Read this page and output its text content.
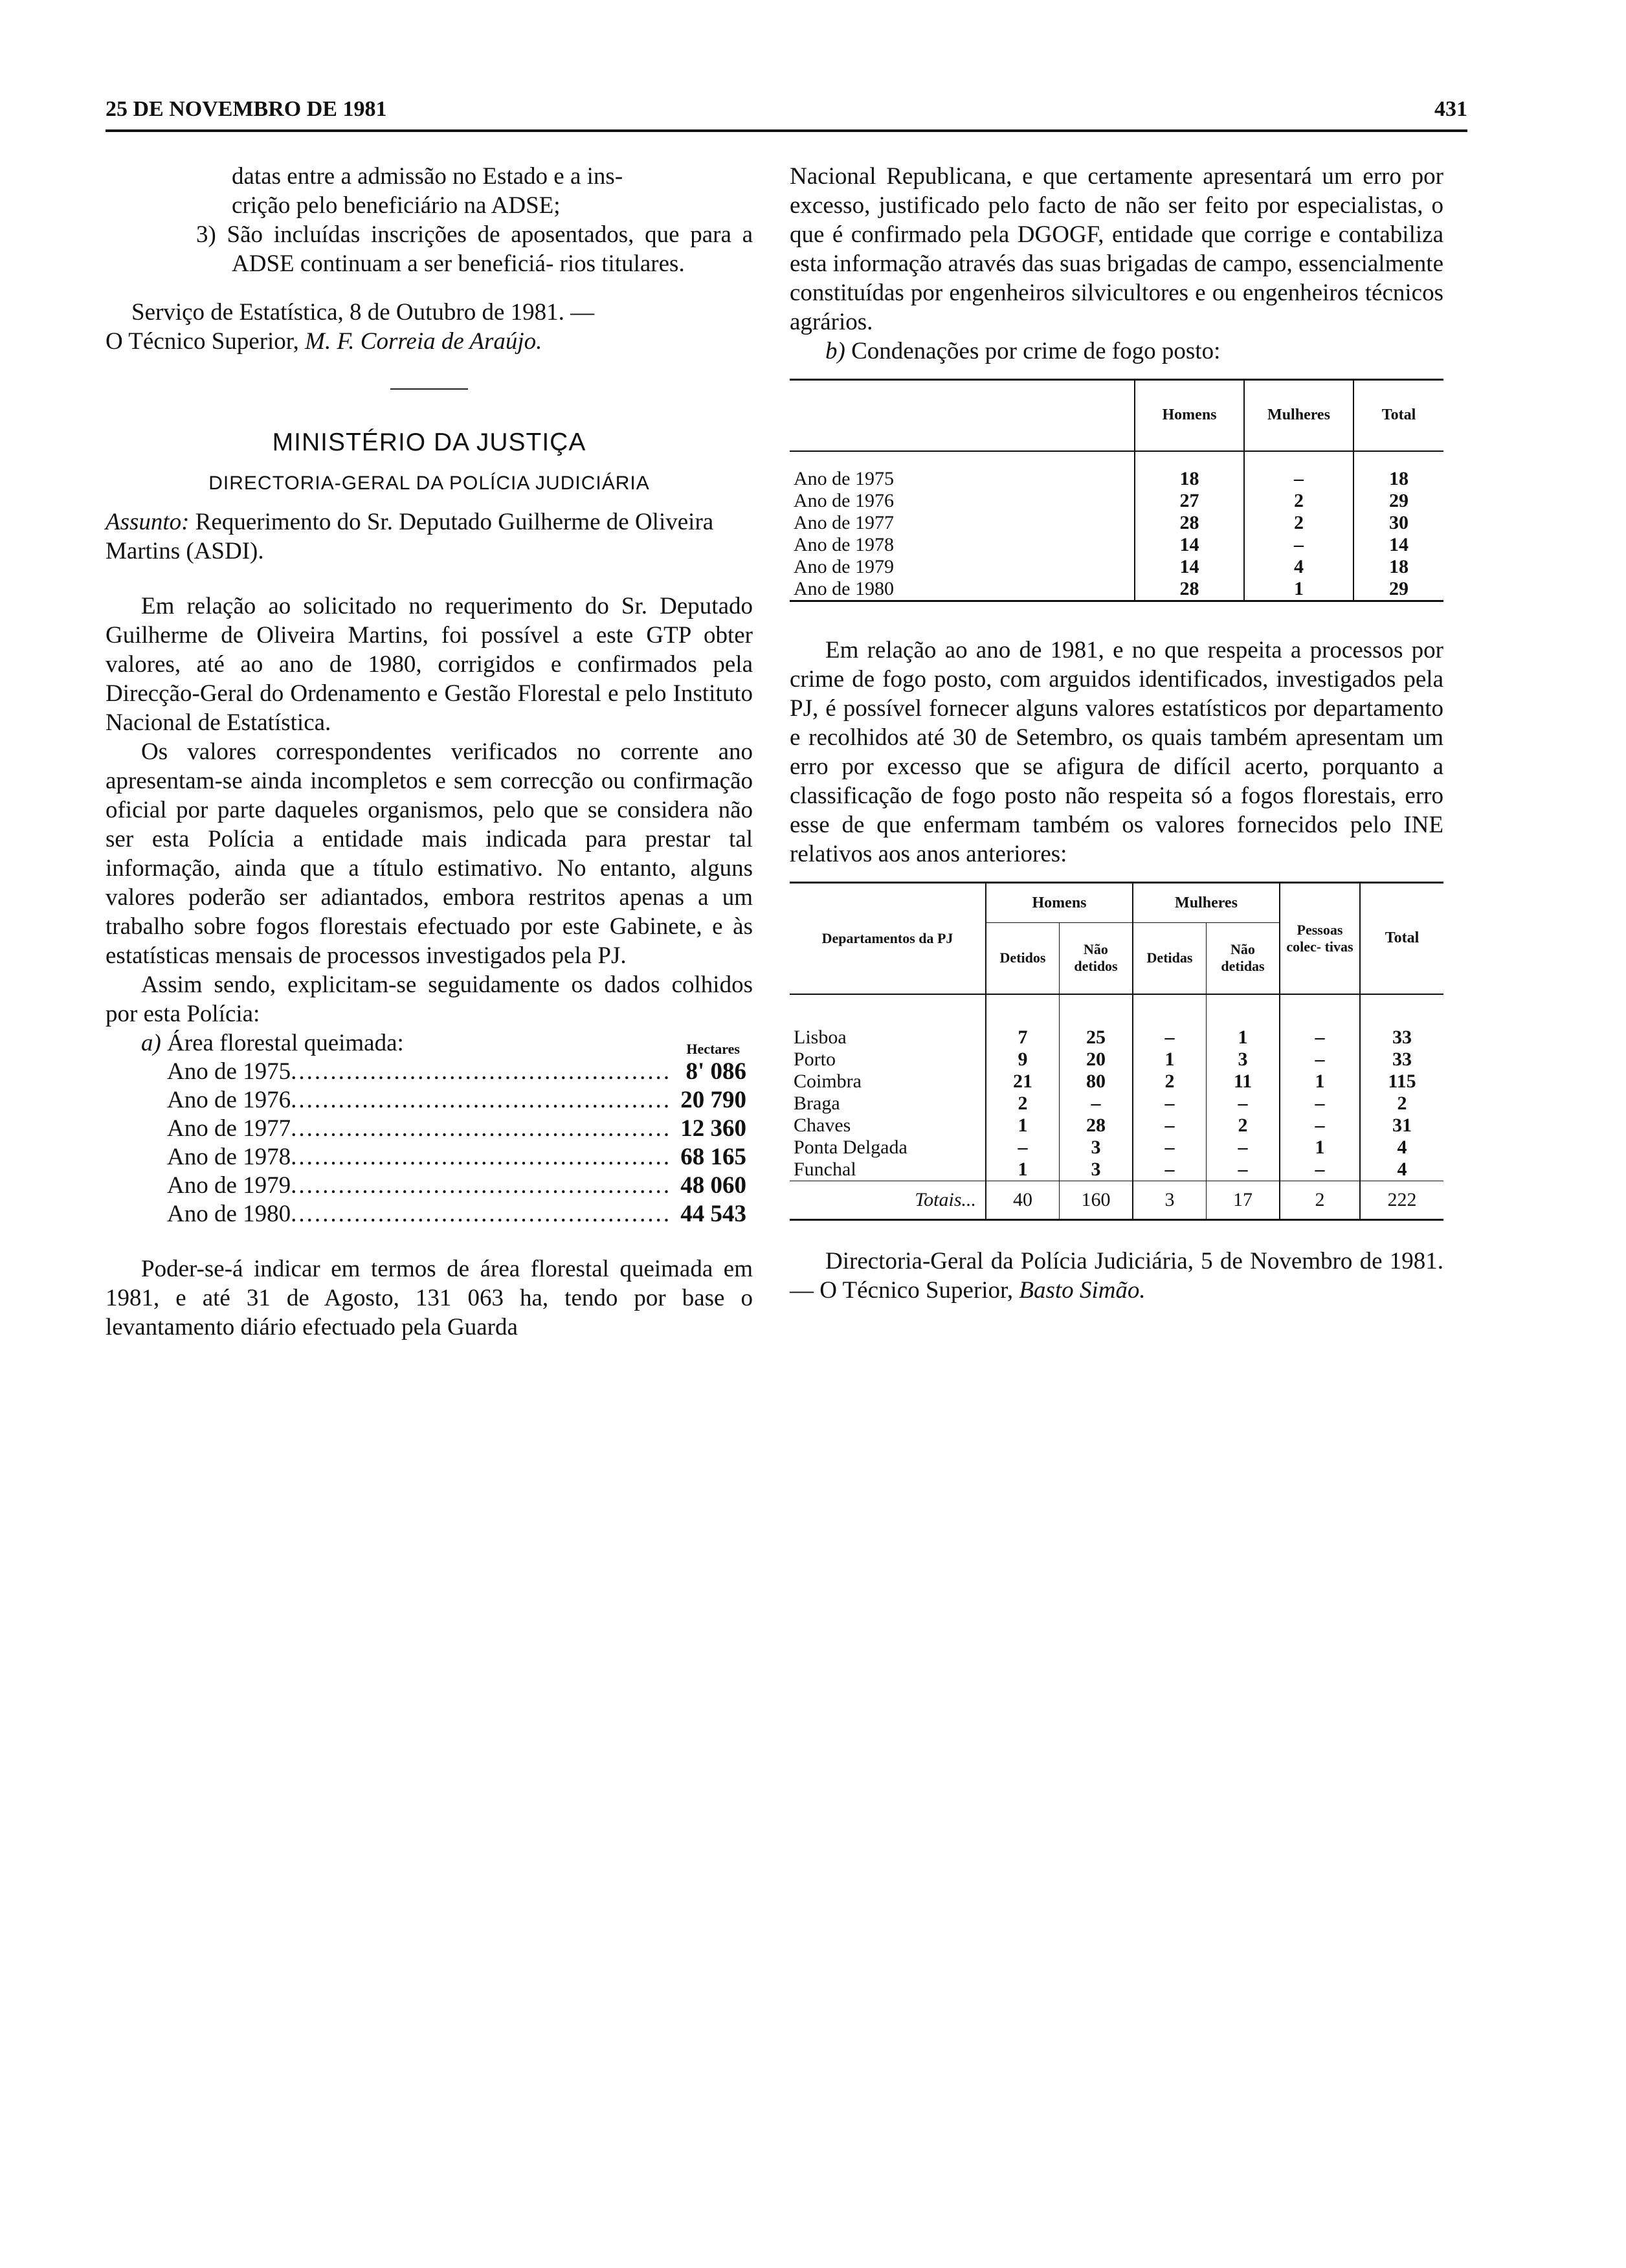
25 DE NOVEMBRO DE 1981	431

datas entre a admissão no Estado e a ins-

crição pelo beneficiário na ADSE;

3) São incluídas inscrições de aposentados, que para a ADSE continuam a ser beneficiá- rios titulares.

Serviço de Estatística, 8 de Outubro de 1981. —

O Técnico Superior, M. F. Correia de Araújo.

MINISTÉRIO DA JUSTIÇA
DIRECTORIA-GERAL DA POLÍCIA JUDICIÁRIA

Assunto: Requerimento do Sr. Deputado Guilherme de Oliveira Martins (ASDI).

Em relação ao solicitado no requerimento do Sr. Deputado Guilherme de Oliveira Martins, foi possível a este GTP obter valores, até ao ano de 1980, corrigidos e confirmados pela Direcção-Geral do Ordenamento e Gestão Florestal e pelo Instituto Nacional de Estatística.

Os valores correspondentes verificados no corrente ano apresentam-se ainda incompletos e sem correcção ou confirmação oficial por parte daqueles organismos, pelo que se considera não ser esta Polícia a entidade mais indicada para prestar tal informação, ainda que a título estimativo. No entanto, alguns valores poderão ser adiantados, embora restritos apenas a um trabalho sobre fogos florestais efectuado por este Gabinete, e às estatísticas mensais de processos investigados pela PJ.

Assim sendo, explicitam-se seguidamente os dados colhidos por esta Polícia:

a) Área florestal queimada:	Hectares
Ano de 1975 .....	8' 086
Ano de 1976 .....	20 790
Ano de 1977 .....	12 360
Ano de 1978 .....	68 165
Ano de 1979 .....	48 060
Ano de 1980 .....	44 543

Poder-se-á indicar em termos de área florestal queimada em 1981, e até 31 de Agosto, 131 063 ha, tendo por base o levantamento diário efectuado pela Guarda

Nacional Republicana, e que certamente apresentará um erro por excesso, justificado pelo facto de não ser feito por especialistas, o que é confirmado pela DGOGF, entidade que corrige e contabiliza esta informação através das suas brigadas de campo, essencialmente constituídas por engenheiros silvicultores e ou engenheiros técnicos agrários.

b) Condenações por crime de fogo posto:

	Homens	Mulheres	Total
Ano de 1975	18	–	18
Ano de 1976	27	2	29
Ano de 1977	28	2	30
Ano de 1978	14	–	14
Ano de 1979	14	4	18
Ano de 1980	28	1	29

Em relação ao ano de 1981, e no que respeita a processos por crime de fogo posto, com arguidos identificados, investigados pela PJ, é possível fornecer alguns valores estatísticos por departamento e recolhidos até 30 de Setembro, os quais também apresentam um erro por excesso que se afigura de difícil acerto, porquanto a classificação de fogo posto não respeita só a fogos florestais, erro esse de que enfermam também os valores fornecidos pelo INE relativos aos anos anteriores:

Departamentos da PJ	Homens		Mulheres		Pessoas colec- tivas	Total
	Detidos	Não detidos	Detidas	Não detidas		

Lisboa	7	25	–	1	–	33
Porto	9	20	1	3	–	33
Coimbra	21	80	2	11	1	115
Braga	2	–	–	–	–	2
Chaves	1	28	–	2	–	31
Ponta Delgada	–	3	–	–	1	4
Funchal	1	3	–	–	–	4
Totais...	40	160	3	17	2	222

Directoria-Geral da Polícia Judiciária, 5 de Novembro de 1981. — O Técnico Superior, Basto Simão.
